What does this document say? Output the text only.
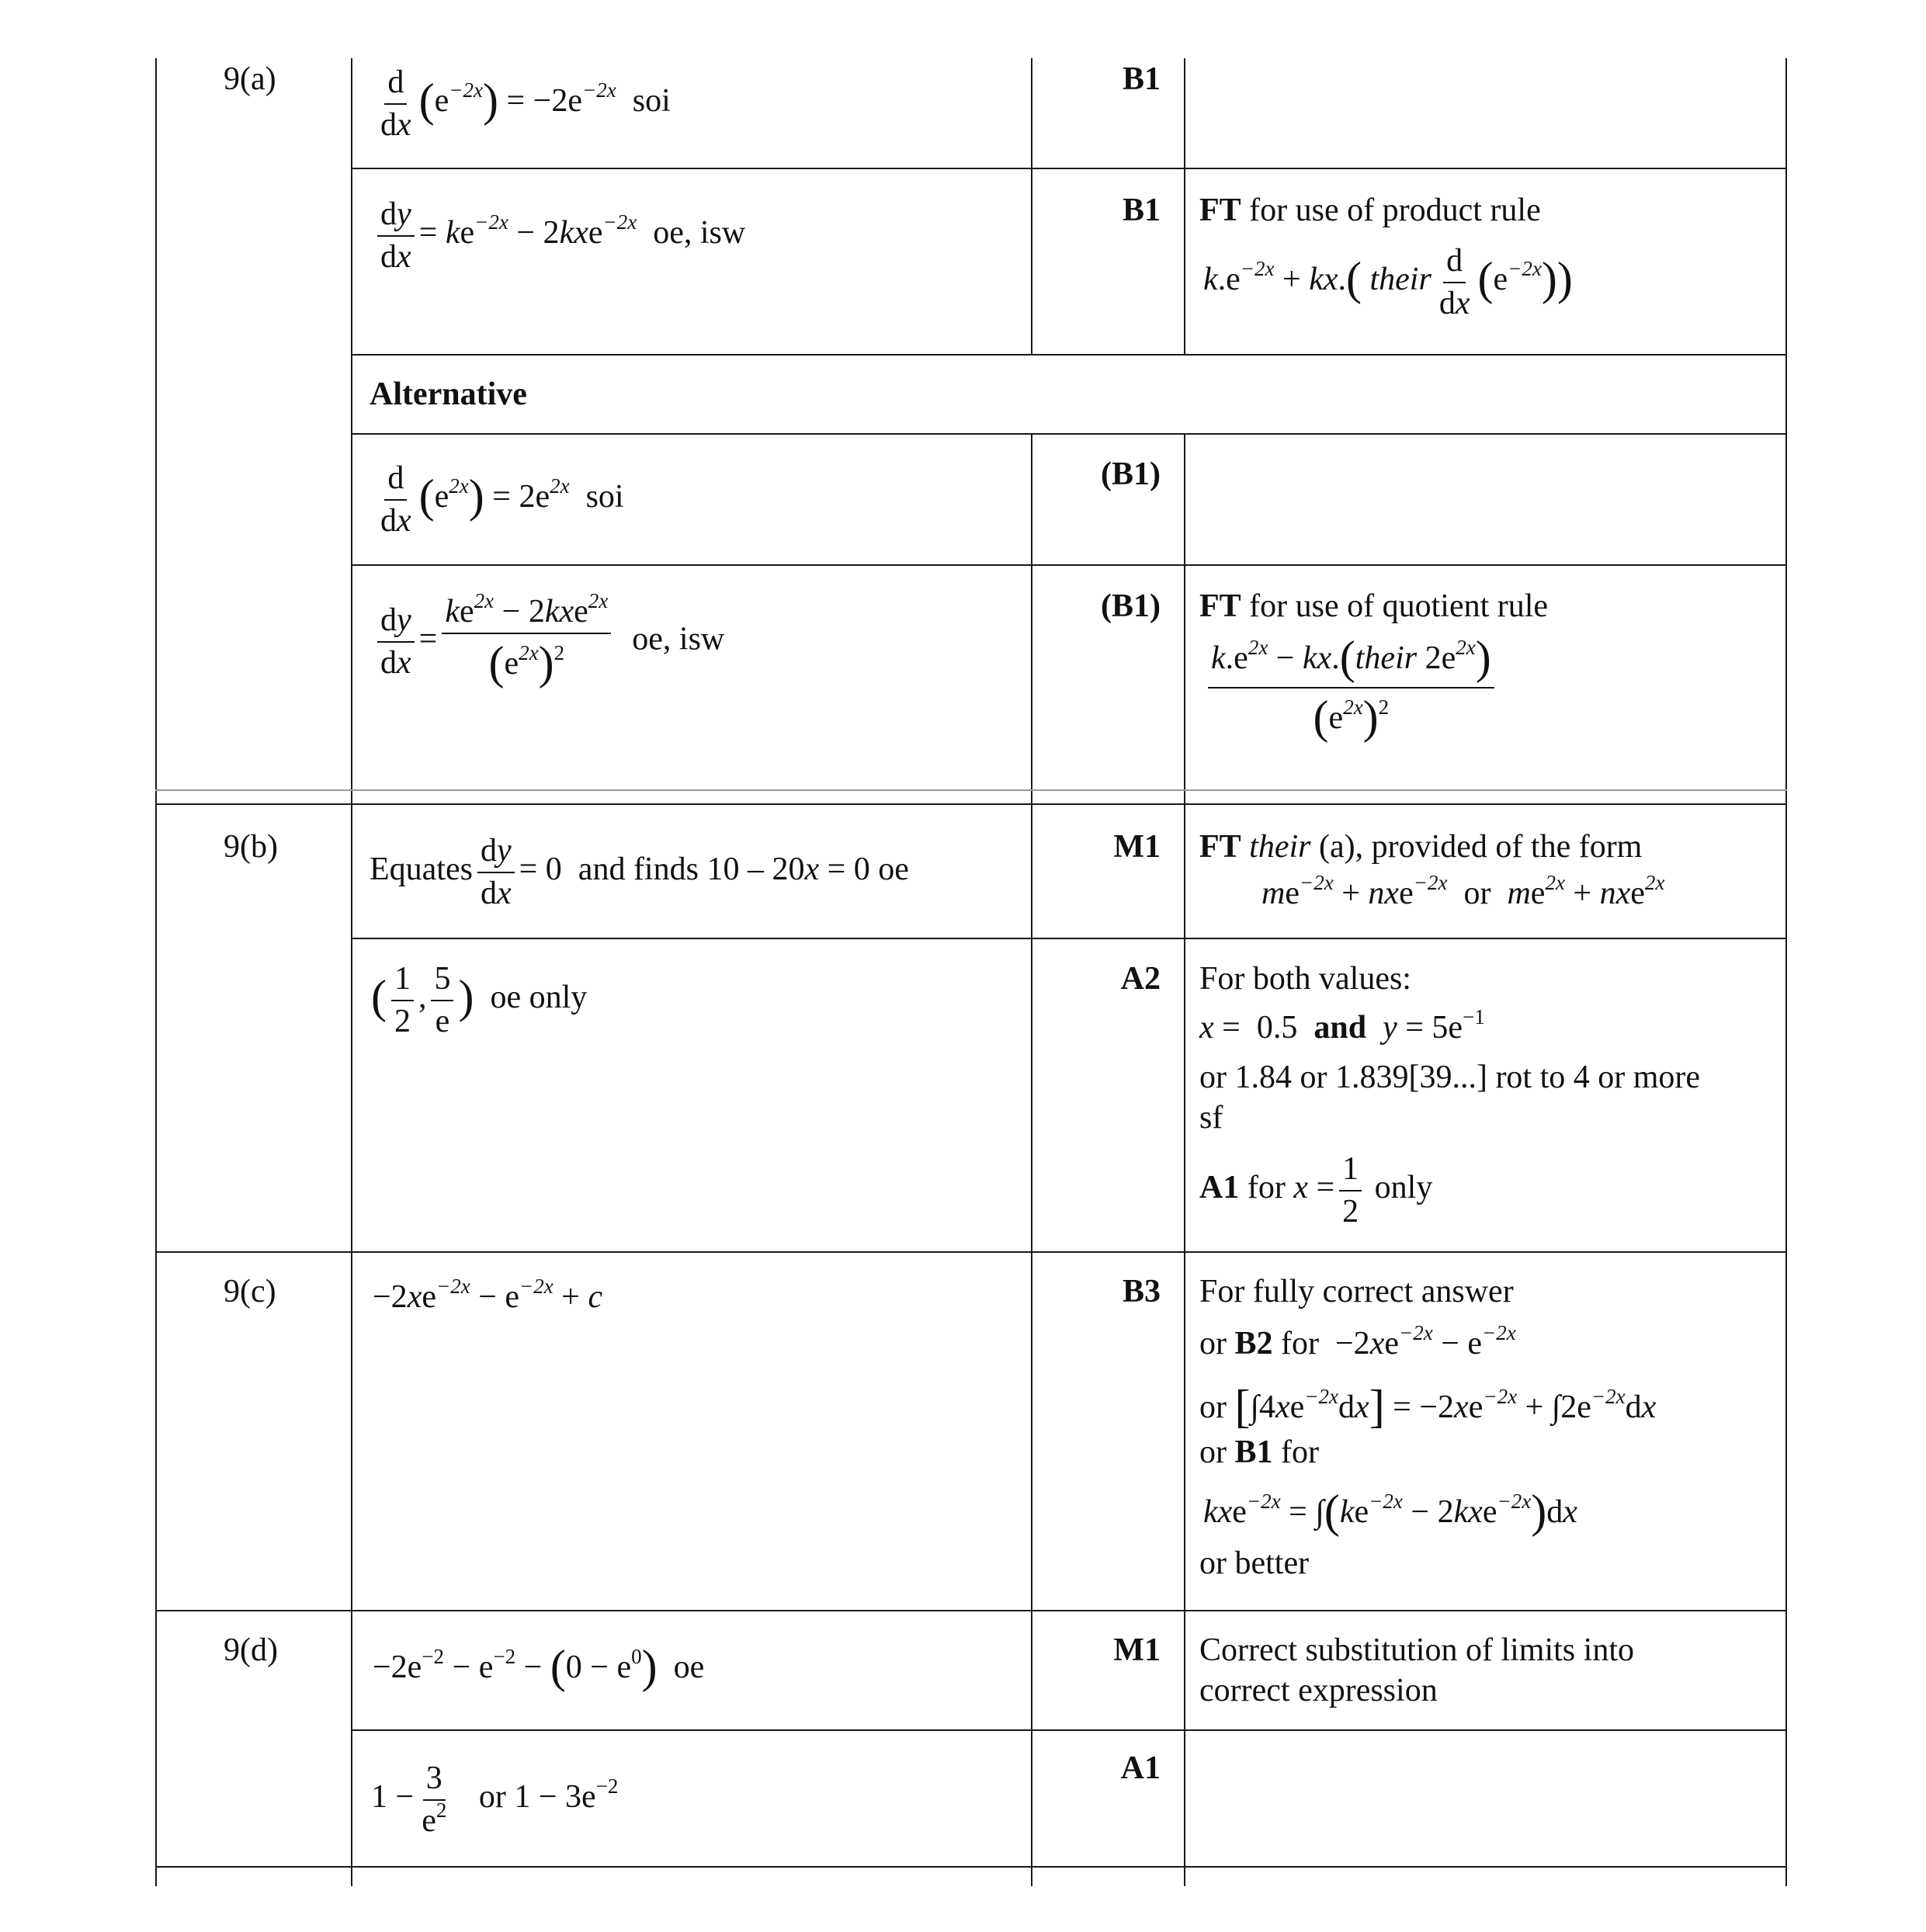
9(a)
9(b)
9(c)
9(d)
$\frac{d}{dx} (e^{-2x}) = -2e^{-2x}$ soi
B1
$\frac{dy}{dx} = ke^{-2x} - 2kxe^{-2x}$ oe, isw
B1 FT for use of product rule
$k.e^{-2x} + kx$.( their $\frac{d}{dx} (e^{-2x})$)
Alternative
$\frac{d}{dx} (e^{2x}) = 2e^{2x}$ soi
(B1)
$\frac{dy}{dx} = \frac{ke^{2x} - 2kxe^{2x}}{(e^{2x})^2}$ oe, isw
(B1) FT for use of quotient rule
$\frac{k.e^{2x} - kx.(their 2e^{2x})}{(e^{2x})^2}$
Equates $\frac{dy}{dx} = 0$  and finds 10 – 20x = 0 oe
M1 FT their (a), provided of the form
$me^{-2x} + nxe^{-2x}$ or $me^{2x} + nxe^{2x}$
( $\frac{1}{2}$ , $\frac{5}{e}$ ) oe only
A2 For both values:
x =  0.5 and $y = 5e^{-1}$
or 1.84 or 1.839[39...] rot to 4 or more
sf
A1 for $x = \frac{1}{2}$ only
$-2xe^{-2x} - e^{-2x} + c$	B3 For fully correct answer
or B2 for  $-2xe^{-2x} - e^{-2x}$
or $[\int 4xe^{-2x}dx] = -2xe^{-2x} + \int 2e^{-2x}dx$
or B1 for
$kxe^{-2x} = \int(ke^{-2x} - 2kxe^{-2x})dx$
or better
$-2e^{-2} - e^{-2} - (0 - e^0)$ oe	M1 Correct substitution of limits into
correct expression
$1 - \frac{3}{e^2}$ or $1 - 3e^{-2}$
A1
